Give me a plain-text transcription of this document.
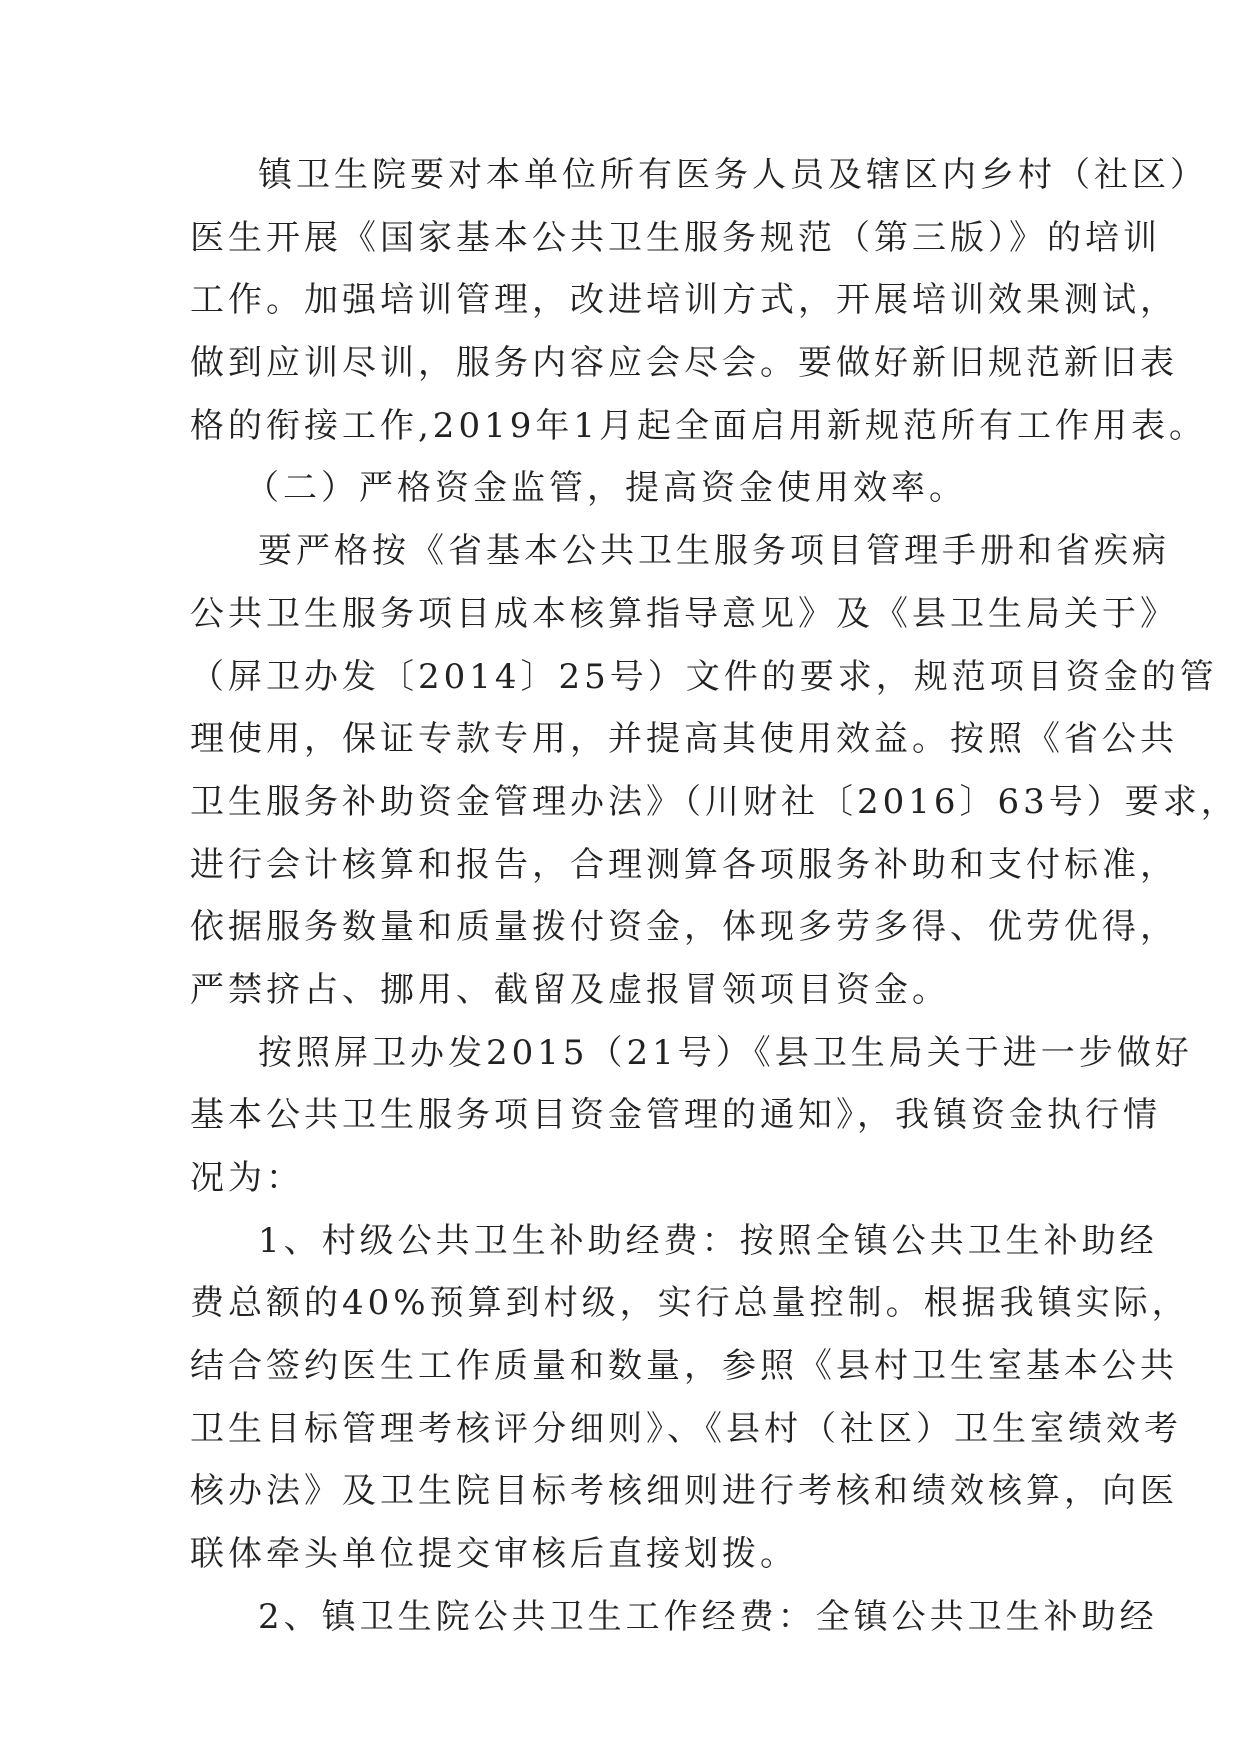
镇卫生院要对本单位所有医务人员及辖区内乡村（社区）
医生开展《国家基本公共卫生服务规范（第三版）》的培训
工作。加强培训管理，改进培训方式，开展培训效果测试，
做到应训尽训，服务内容应会尽会。要做好新旧规范新旧表
格的衔接工作,2019年1月起全面启用新规范所有工作用表。
（二）严格资金监管，提高资金使用效率。
要严格按《省基本公共卫生服务项目管理手册和省疾病
公共卫生服务项目成本核算指导意见》及《县卫生局关于》
（屏卫办发〔2014〕25号）文件的要求，规范项目资金的管
理使用，保证专款专用，并提高其使用效益。按照《省公共
卫生服务补助资金管理办法》（川财社〔2016〕63号）要求，
进行会计核算和报告，合理测算各项服务补助和支付标准，
依据服务数量和质量拨付资金，体现多劳多得、优劳优得，
严禁挤占、挪用、截留及虚报冒领项目资金。
按照屏卫办发2015（21号）《县卫生局关于进一步做好
基本公共卫生服务项目资金管理的通知》，我镇资金执行情
况为：
1、村级公共卫生补助经费：按照全镇公共卫生补助经
费总额的40%预算到村级，实行总量控制。根据我镇实际，
结合签约医生工作质量和数量，参照《县村卫生室基本公共
卫生目标管理考核评分细则》、《县村（社区）卫生室绩效考
核办法》及卫生院目标考核细则进行考核和绩效核算，向医
联体牵头单位提交审核后直接划拨。
2、镇卫生院公共卫生工作经费：全镇公共卫生补助经
